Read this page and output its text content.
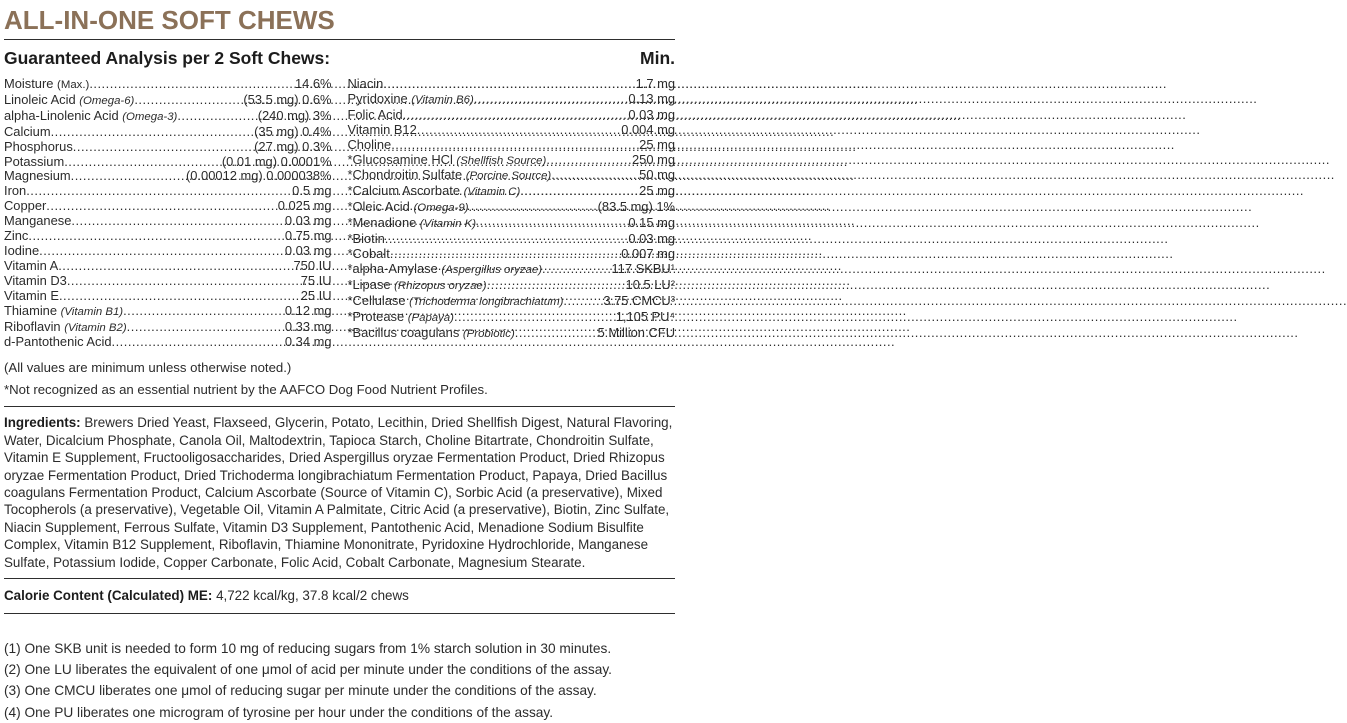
ALL-IN-ONE SOFT CHEWS
Guaranteed Analysis per 2 Soft Chews:	Min.
Moisture (Max.) .....	14.6%
Linoleic Acid (Omega-6) .....	(53.5 mg) 0.6%
alpha-Linolenic Acid (Omega-3) .....	(240 mg) 3%
Calcium .....	(35 mg) 0.4%
Phosphorus .....	(27 mg) 0.3%
Potassium .....	(0.01 mg) 0.0001%
Magnesium .....	(0.00012 mg) 0.000038%
Iron .....	0.5 mg
Copper .....	0.025 mg
Manganese .....	0.03 mg
Zinc .....	0.75 mg
Iodine .....	0.03 mg
Vitamin A .....	750 IU
Vitamin D3 .....	75 IU
Vitamin E .....	25 IU
Thiamine (Vitamin B1) .....	0.12 mg
Riboflavin (Vitamin B2) .....	0.33 mg
d-Pantothenic Acid .....	0.34 mg
Niacin .....	1.7 mg
Pyridoxine (Vitamin B6) .....	0.13 mg
Folic Acid .....	0.03 mg
Vitamin B12 .....	0.004 mg
Choline .....	25 mg
*Glucosamine HCl (Shellfish Source) .....	250 mg
*Chondroitin Sulfate (Porcine Source) .....	50 mg
*Calcium Ascorbate (Vitamin C) .....	25 mg
*Oleic Acid (Omega-9) .....	(83.5 mg) 1%
*Menadione (Vitamin K) .....	0.15 mg
*Biotin .....	0.03 mg
*Cobalt .....	0.007 mg
*alpha-Amylase (Aspergillus oryzae) .....	117 SKBU¹
*Lipase (Rhizopus oryzae) .....	10.5 LU²
*Cellulase (Trichoderma longibrachiatum) .....	3.75 CMCU³
*Protease (Papaya) .....	1,105 PU⁴
*Bacillus coagulans (Probiotic) .....	5 Million CFU
(All values are minimum unless otherwise noted.)
*Not recognized as an essential nutrient by the AAFCO Dog Food Nutrient Profiles.
Ingredients: Brewers Dried Yeast, Flaxseed, Glycerin, Potato, Lecithin, Dried Shellfish Digest, Natural Flavoring, Water, Dicalcium Phosphate, Canola Oil, Maltodextrin, Tapioca Starch, Choline Bitartrate, Chondroitin Sulfate, Vitamin E Supplement, Fructooligosaccharides, Dried Aspergillus oryzae Fermentation Product, Dried Rhizopus oryzae Fermentation Product, Dried Trichoderma longibrachiatum Fermentation Product, Papaya, Dried Bacillus coagulans Fermentation Product, Calcium Ascorbate (Source of Vitamin C), Sorbic Acid (a preservative), Mixed Tocopherols (a preservative), Vegetable Oil, Vitamin A Palmitate, Citric Acid (a preservative), Biotin, Zinc Sulfate, Niacin Supplement, Ferrous Sulfate, Vitamin D3 Supplement, Pantothenic Acid, Menadione Sodium Bisulfite Complex, Vitamin B12 Supplement, Riboflavin, Thiamine Mononitrate, Pyridoxine Hydrochloride, Manganese Sulfate, Potassium Iodide, Copper Carbonate, Folic Acid, Cobalt Carbonate, Magnesium Stearate.
Calorie Content (Calculated) ME: 4,722 kcal/kg, 37.8 kcal/2 chews
(1) One SKB unit is needed to form 10 mg of reducing sugars from 1% starch solution in 30 minutes.
(2) One LU liberates the equivalent of one μmol of acid per minute under the conditions of the assay.
(3) One CMCU liberates one μmol of reducing sugar per minute under the conditions of the assay.
(4) One PU liberates one microgram of tyrosine per hour under the conditions of the assay.
